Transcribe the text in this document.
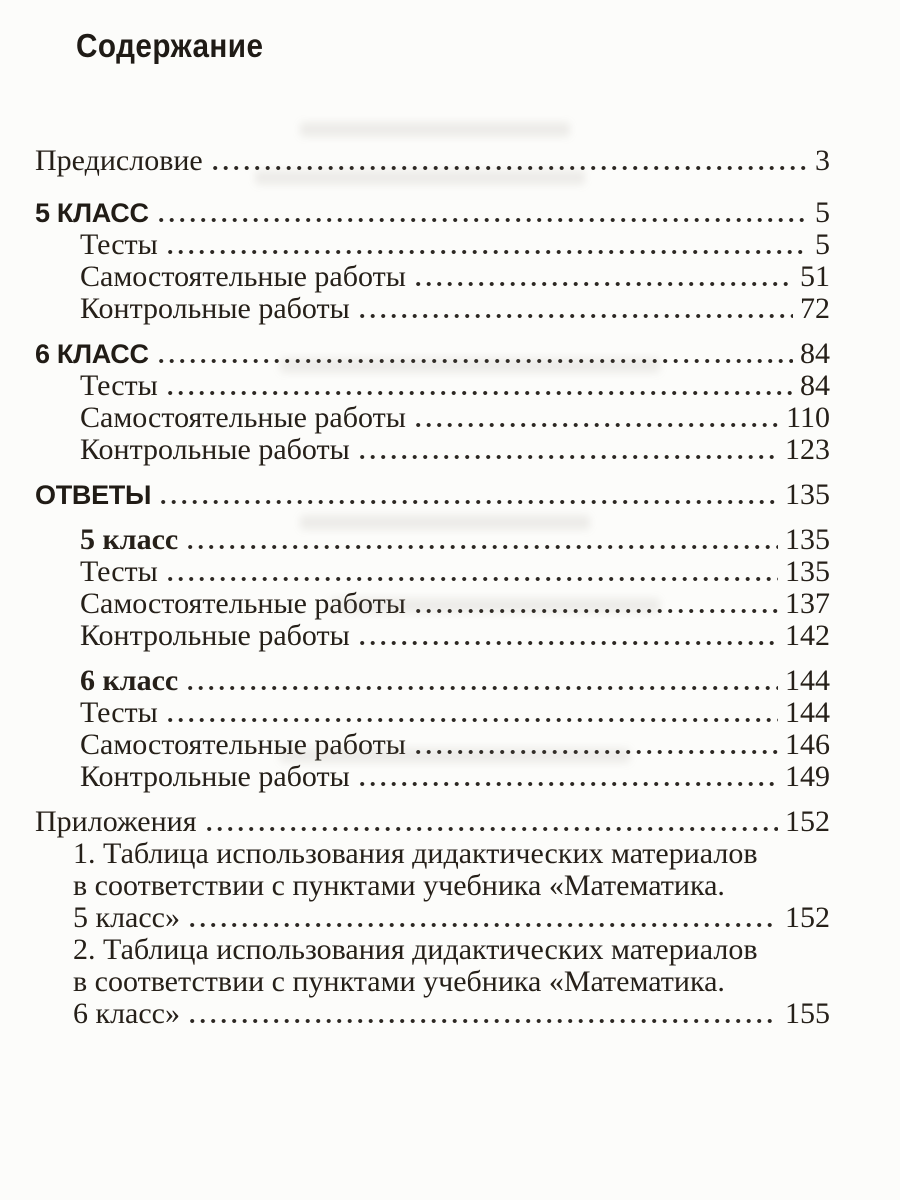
Содержание
Предисловие	3
5 КЛАСС	5
Тесты	5
Самостоятельные работы	51
Контрольные работы	72
6 КЛАСС	84
Тесты	84
Самостоятельные работы	110
Контрольные работы	123
ОТВЕТЫ	135
5 класс	135
Тесты	135
Самостоятельные работы	137
Контрольные работы	142
6 класс	144
Тесты	144
Самостоятельные работы	146
Контрольные работы	149
Приложения	152
1. Таблица использования дидактических материалов
в соответствии с пунктами учебника «Математика.
5 класс»	152
2. Таблица использования дидактических материалов
в соответствии с пунктами учебника «Математика.
6 класс»	155
